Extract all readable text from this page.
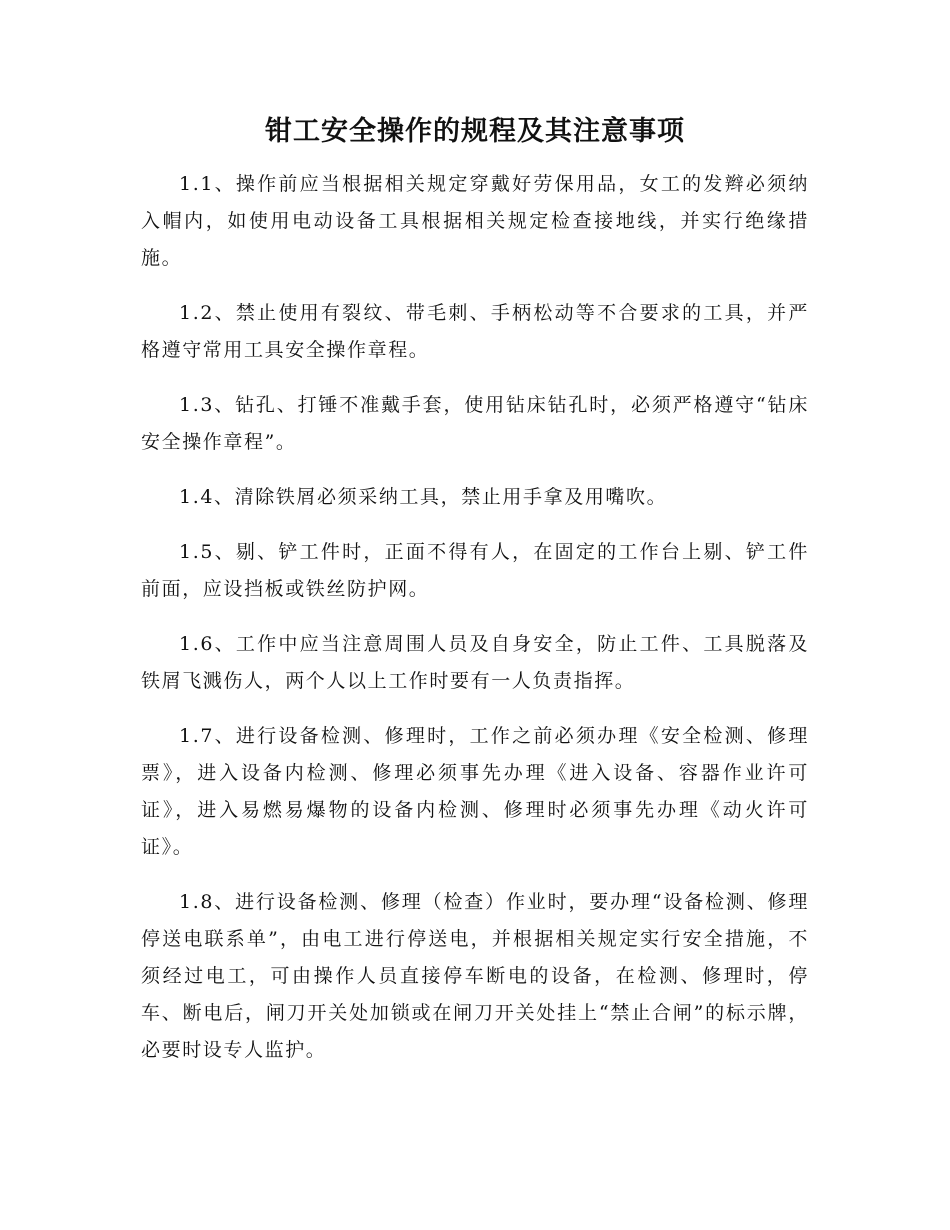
钳工安全操作的规程及其注意事项

1.1、操作前应当根据相关规定穿戴好劳保用品，女工的发辫必须纳入帽内，如使用电动设备工具根据相关规定检查接地线，并实行绝缘措施。

1.2、禁止使用有裂纹、带毛刺、手柄松动等不合要求的工具，并严格遵守常用工具安全操作章程。

1.3、钻孔、打锤不准戴手套，使用钻床钻孔时，必须严格遵守“钻床安全操作章程”。

1.4、清除铁屑必须采纳工具，禁止用手拿及用嘴吹。

1.5、剔、铲工件时，正面不得有人，在固定的工作台上剔、铲工件前面，应设挡板或铁丝防护网。

1.6、工作中应当注意周围人员及自身安全，防止工件、工具脱落及铁屑飞溅伤人，两个人以上工作时要有一人负责指挥。

1.7、进行设备检测、修理时，工作之前必须办理《安全检测、修理票》，进入设备内检测、修理必须事先办理《进入设备、容器作业许可证》，进入易燃易爆物的设备内检测、修理时必须事先办理《动火许可证》。

1.8、进行设备检测、修理（检查）作业时，要办理“设备检测、修理停送电联系单”，由电工进行停送电，并根据相关规定实行安全措施，不须经过电工，可由操作人员直接停车断电的设备，在检测、修理时，停车、断电后，闸刀开关处加锁或在闸刀开关处挂上“禁止合闸”的标示牌，必要时设专人监护。
